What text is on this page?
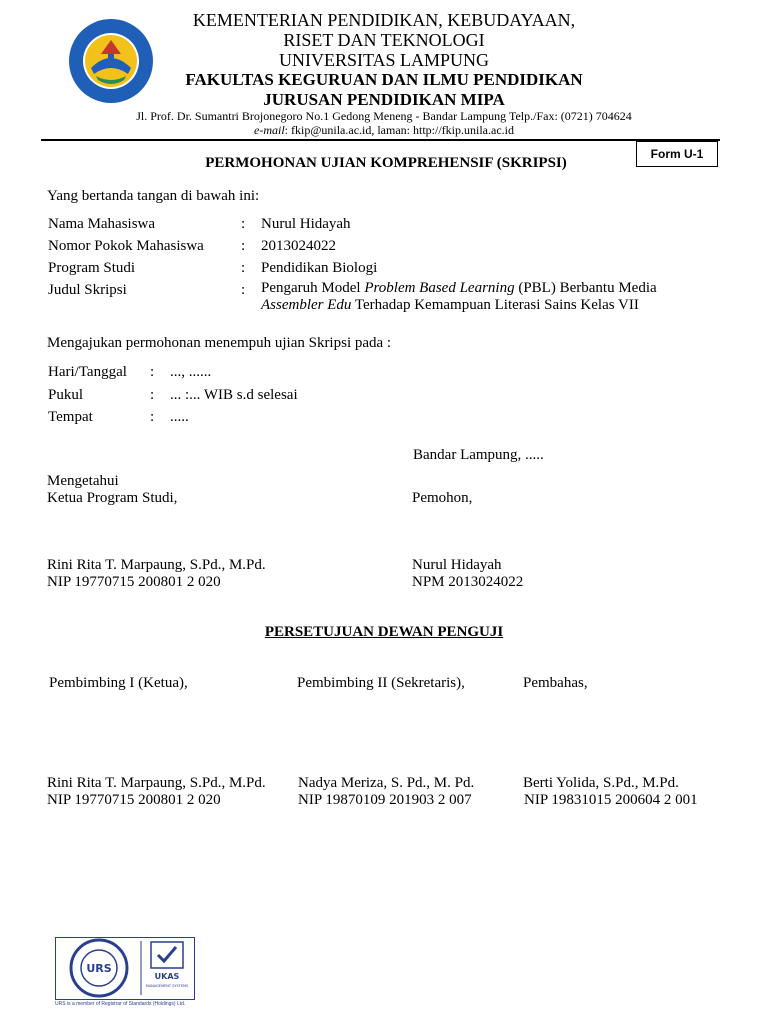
KEMENTERIAN PENDIDIKAN, KEBUDAYAAN,
RISET DAN TEKNOLOGI
UNIVERSITAS LAMPUNG
FAKULTAS KEGURUAN DAN ILMU PENDIDIKAN
JURUSAN PENDIDIKAN MIPA
Jl. Prof. Dr. Sumantri Brojonegoro No.1 Gedong Meneng - Bandar Lampung Telp./Fax: (0721) 704624
e-mail: fkip@unila.ac.id, laman: http://fkip.unila.ac.id
Form U-1
PERMOHONAN UJIAN KOMPREHENSIF (SKRIPSI)
Yang bertanda tangan di bawah ini:
Nama Mahasiswa	: Nurul Hidayah
Nomor Pokok Mahasiswa : 2013024022
Program Studi	: Pendidikan Biologi
Judul Skripsi	: Pengaruh Model Problem Based Learning (PBL) Berbantu Media
Assembler Edu Terhadap Kemampuan Literasi Sains Kelas VII
Mengajukan permohonan menempuh ujian Skripsi pada :
Hari/Tanggal : ..., ......
Pukul	: ... :... WIB s.d selesai
Tempat	: .....
Bandar Lampung, .....
Mengetahui
Ketua Program Studi,	Pemohon,
Rini Rita T. Marpaung, S.Pd., M.Pd.
NIP 19770715 200801 2 020
Nurul Hidayah
NPM 2013024022
PERSETUJUAN DEWAN PENGUJI
Pembimbing I (Ketua),	Pembimbing II (Sekretaris),	Pembahas,
Rini Rita T. Marpaung, S.Pd., M.Pd.
NIP 19770715 200801 2 020
Nadya Meriza, S. Pd., M. Pd.
NIP 19870109 201903 2 007
Berti Yolida, S.Pd., M.Pd.
NIP 19831015 200604 2 001
URS
UKAS
MANAGEMENT SYSTEMS
URS is a member of Registrar of Standards (Holdings) Ltd.
